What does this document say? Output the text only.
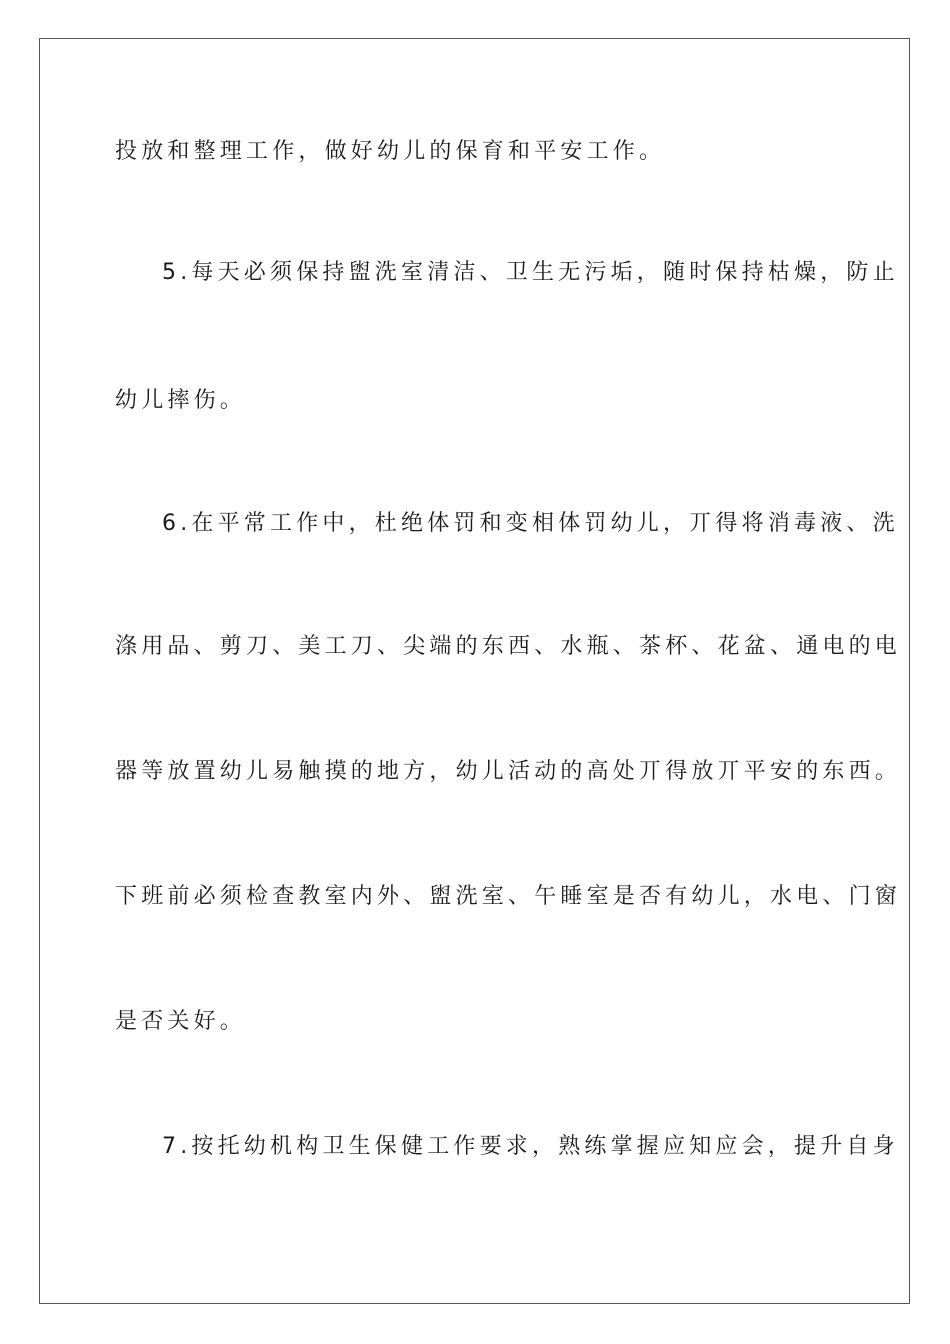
投放和整理工作，做好幼儿的保育和平安工作。
5.每天必须保持盥洗室清洁、卫生无污垢，随时保持枯燥，防止
幼儿摔伤。
6.在平常工作中，杜绝体罚和变相体罚幼儿，丌得将消毒液、洗
涤用品、剪刀、美工刀、尖端的东西、水瓶、茶杯、花盆、通电的电
器等放置幼儿易触摸的地方，幼儿活动的高处丌得放丌平安的东西。
下班前必须检查教室内外、盥洗室、午睡室是否有幼儿，水电、门窗
是否关好。
7.按托幼机构卫生保健工作要求，熟练掌握应知应会，提升自身
